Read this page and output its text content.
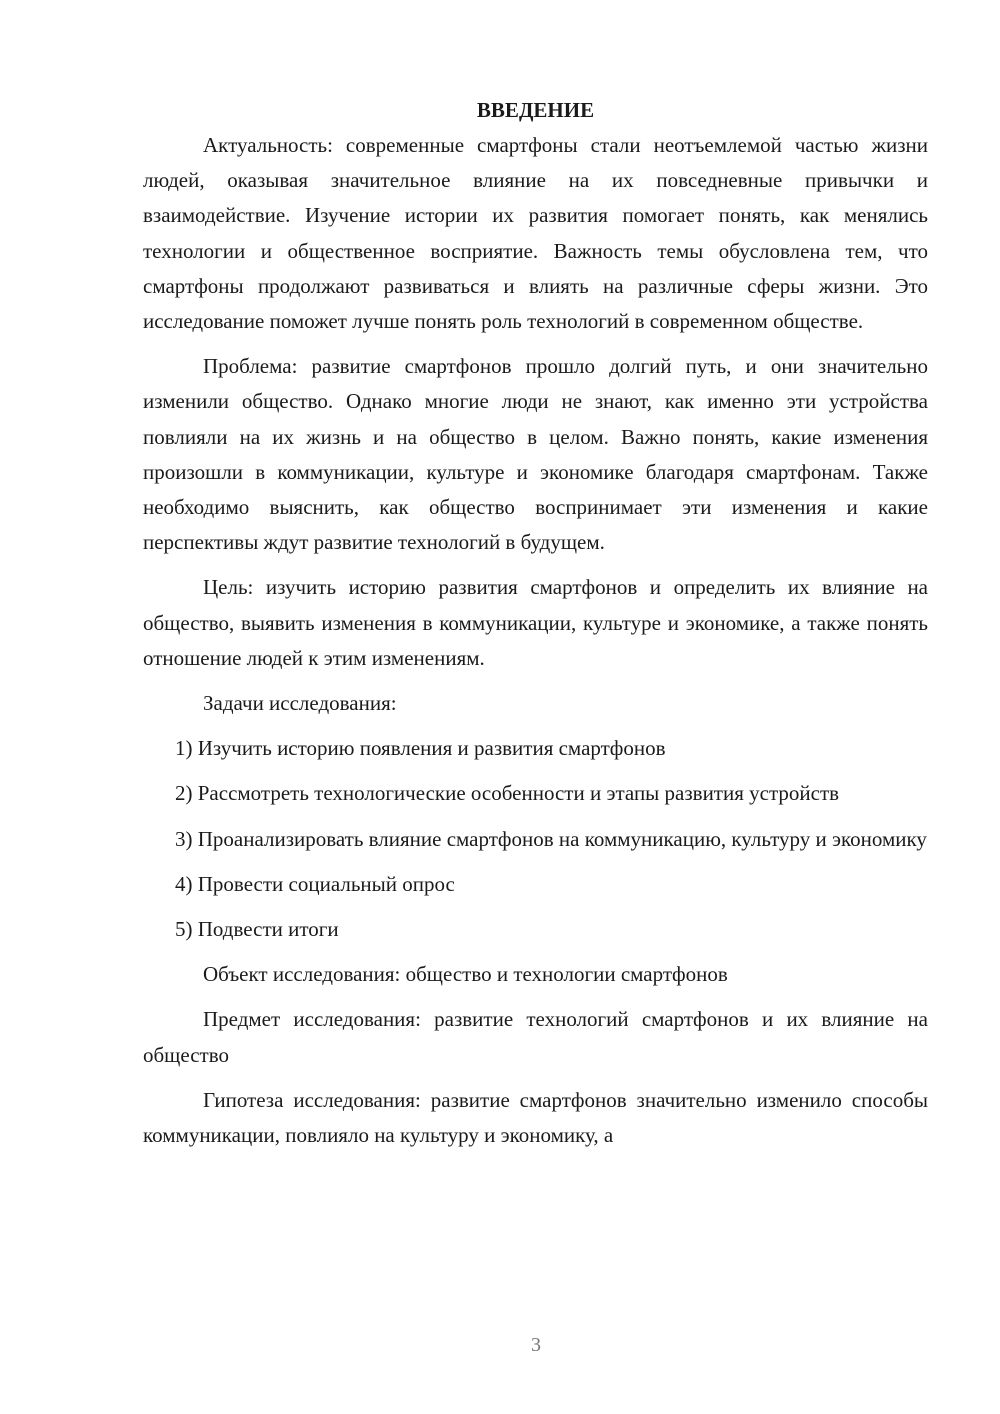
ВВЕДЕНИЕ

Актуальность: современные смартфоны стали неотъемлемой частью жизни людей, оказывая значительное влияние на их повседневные привычки и взаимодействие. Изучение истории их развития помогает понять, как менялись технологии и общественное восприятие. Важность темы обусловлена тем, что смартфоны продолжают развиваться и влиять на различные сферы жизни. Это исследование поможет лучше понять роль технологий в современном обществе.

Проблема: развитие смартфонов прошло долгий путь, и они значительно изменили общество. Однако многие люди не знают, как именно эти устройства повлияли на их жизнь и на общество в целом. Важно понять, какие изменения произошли в коммуникации, культуре и экономике благодаря смартфонам. Также необходимо выяснить, как общество воспринимает эти изменения и какие перспективы ждут развитие технологий в будущем.

Цель: изучить историю развития смартфонов и определить их влияние на общество, выявить изменения в коммуникации, культуре и экономике, а также понять отношение людей к этим изменениям.

Задачи исследования:

1) Изучить историю появления и развития смартфонов

2) Рассмотреть технологические особенности и этапы развития устройств

3) Проанализировать влияние смартфонов на коммуникацию, культуру и экономику

4) Провести социальный опрос

5) Подвести итоги

Объект исследования: общество и технологии смартфонов

Предмет исследования: развитие технологий смартфонов и их влияние на общество

Гипотеза исследования: развитие смартфонов значительно изменило способы коммуникации, повлияло на культуру и экономику, а

3
